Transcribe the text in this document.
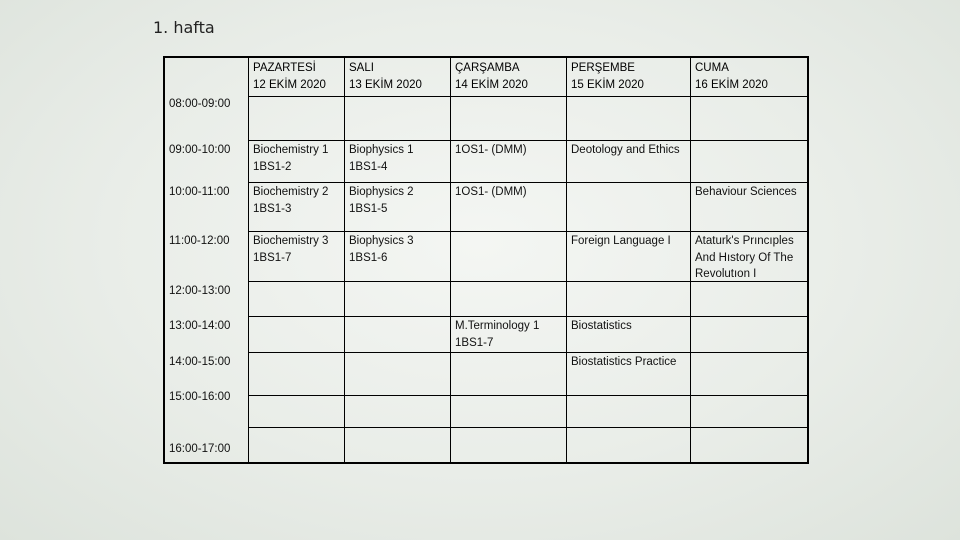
1. hafta
PAZARTESİ
12 EKİM 2020
SALI
13 EKİM 2020
ÇARŞAMBA
14 EKİM 2020
PERŞEMBE
15 EKİM 2020
CUMA
16 EKİM 2020
08:00-09:00
09:00-10:00
10:00-11:00
11:00-12:00
12:00-13:00
13:00-14:00
14:00-15:00
15:00-16:00
16:00-17:00
Biochemistry 1
1BS1-2
Biophysics 1
1BS1-4
1OS1- (DMM)	Deotology and Ethics
Biochemistry 2
1BS1-3
Biophysics 2
1BS1-5
1OS1- (DMM)	Behaviour Sciences
Biochemistry 3
1BS1-7
Biophysics 3
1BS1-6
Foreign Language I Ataturk's Prıncıples
And Hıstory Of The
Revolutıon I
M.Terminology 1
1BS1-7
Biostatistics
Biostatistics Practice
